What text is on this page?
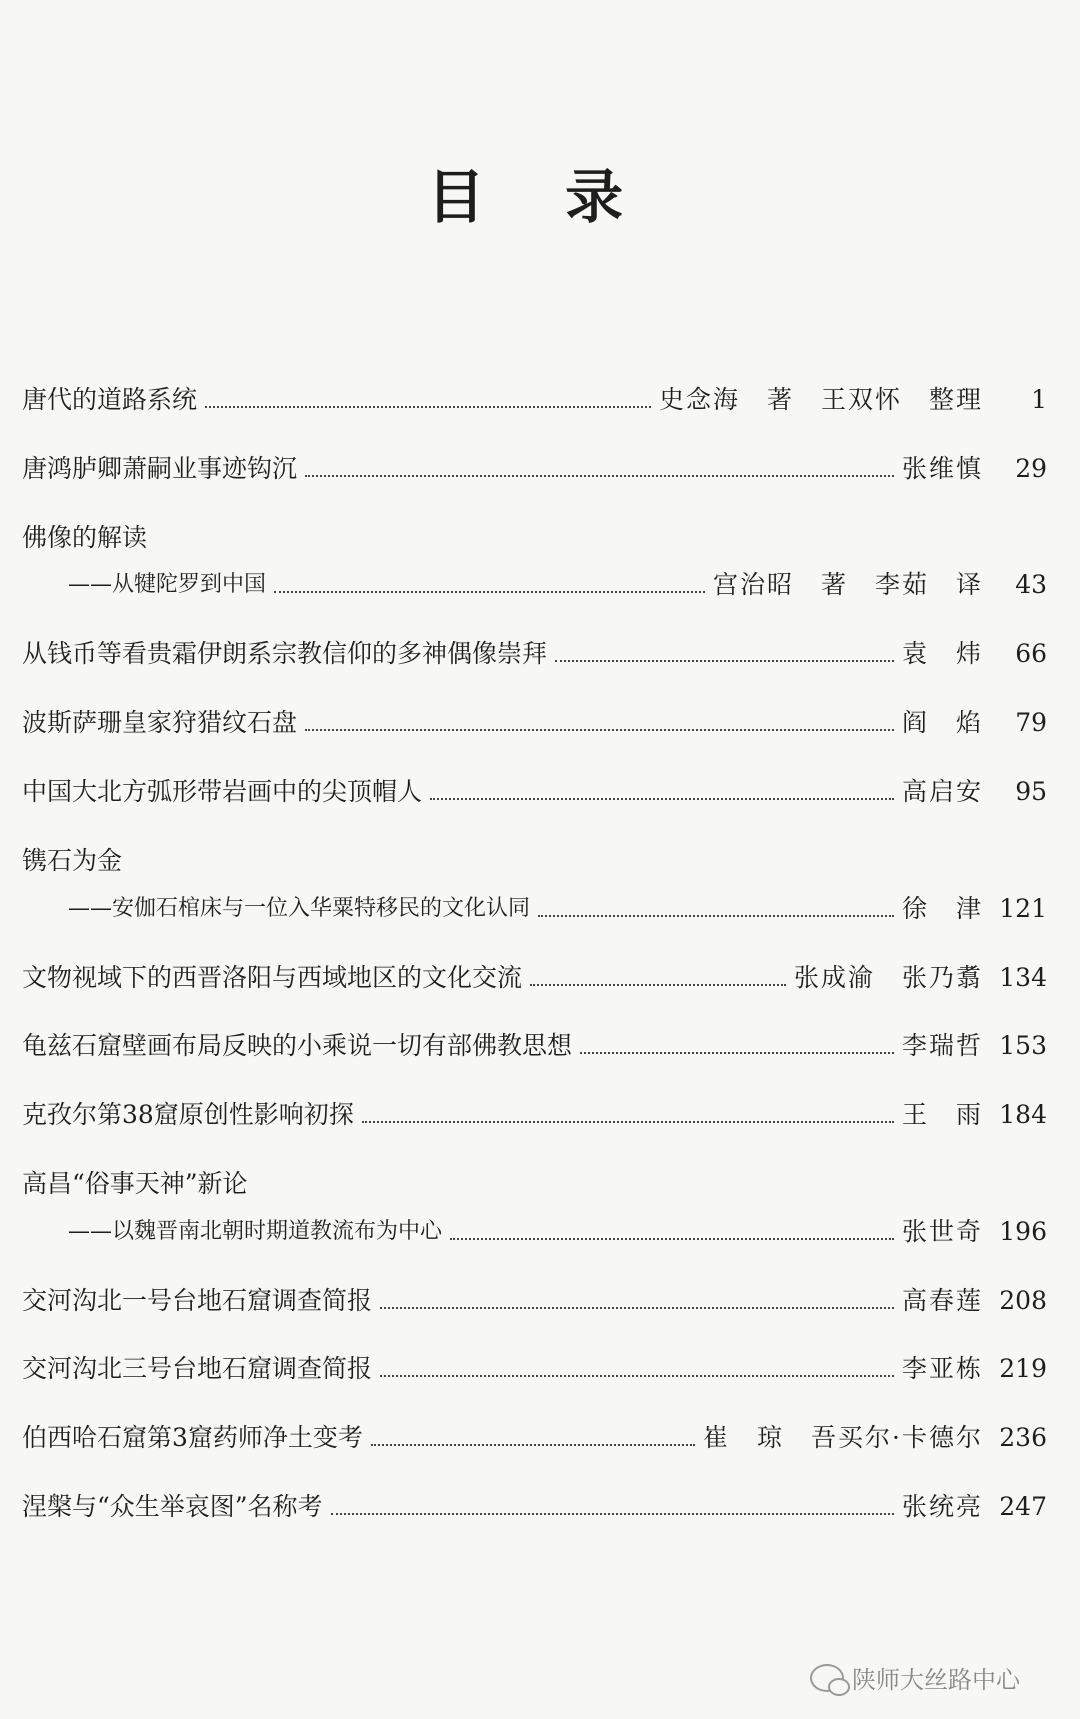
目 录
唐代的道路系统	史念海　著　王双怀　整理	1
唐鸿胪卿萧嗣业事迹钩沉	张维慎	29
佛像的解读
——从犍陀罗到中国	宫治昭　著　李茹　译	43
从钱币等看贵霜伊朗系宗教信仰的多神偶像崇拜	袁　炜	66
波斯萨珊皇家狩猎纹石盘	阎　焰	79
中国大北方弧形带岩画中的尖顶帽人	高启安	95
镌石为金
——安伽石棺床与一位入华粟特移民的文化认同	徐　津 121
文物视域下的西晋洛阳与西域地区的文化交流	张成渝　张乃翥 134
龟兹石窟壁画布局反映的小乘说一切有部佛教思想	李瑞哲 153
克孜尔第38窟原创性影响初探	王　雨 184
高昌“俗事天神”新论
——以魏晋南北朝时期道教流布为中心	张世奇 196
交河沟北一号台地石窟调查简报	高春莲 208
交河沟北三号台地石窟调查简报	李亚栋 219
伯西哈石窟第3窟药师净土变考	崔　琼　吾买尔·卡德尔 236
涅槃与“众生举哀图”名称考	张统亮 247
陕师大丝路中心
